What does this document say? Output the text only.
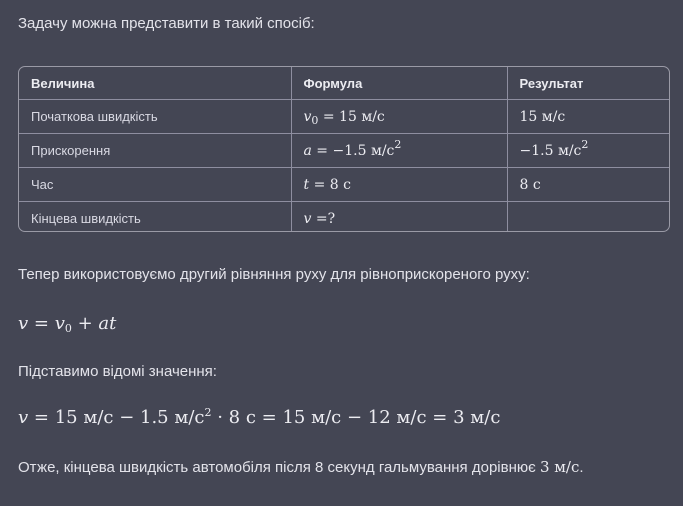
Задачу можна представити в такий спосіб:

Величина	Формула	Результат
Початкова швидкість	$v_0 = 15$ м/с	15 м/с
Прискорення	a = −1.5 $м/с^2$	−1.5 $м/с^2$
Час	t = 8 с	8 с
Кінцева швидкість	v =?	

Тепер використовуємо другий рівняння руху для рівноприскореного руху:

$v = v_0$ + at

Підставимо відомі значення:

v = 15 м/с − 1.5 $м/с^2 \cdot 8$ с = 15 м/с − 12 м/с = 3 м/с

Отже, кінцева швидкість автомобіля після 8 секунд гальмування дорівнює 3 м/с.
